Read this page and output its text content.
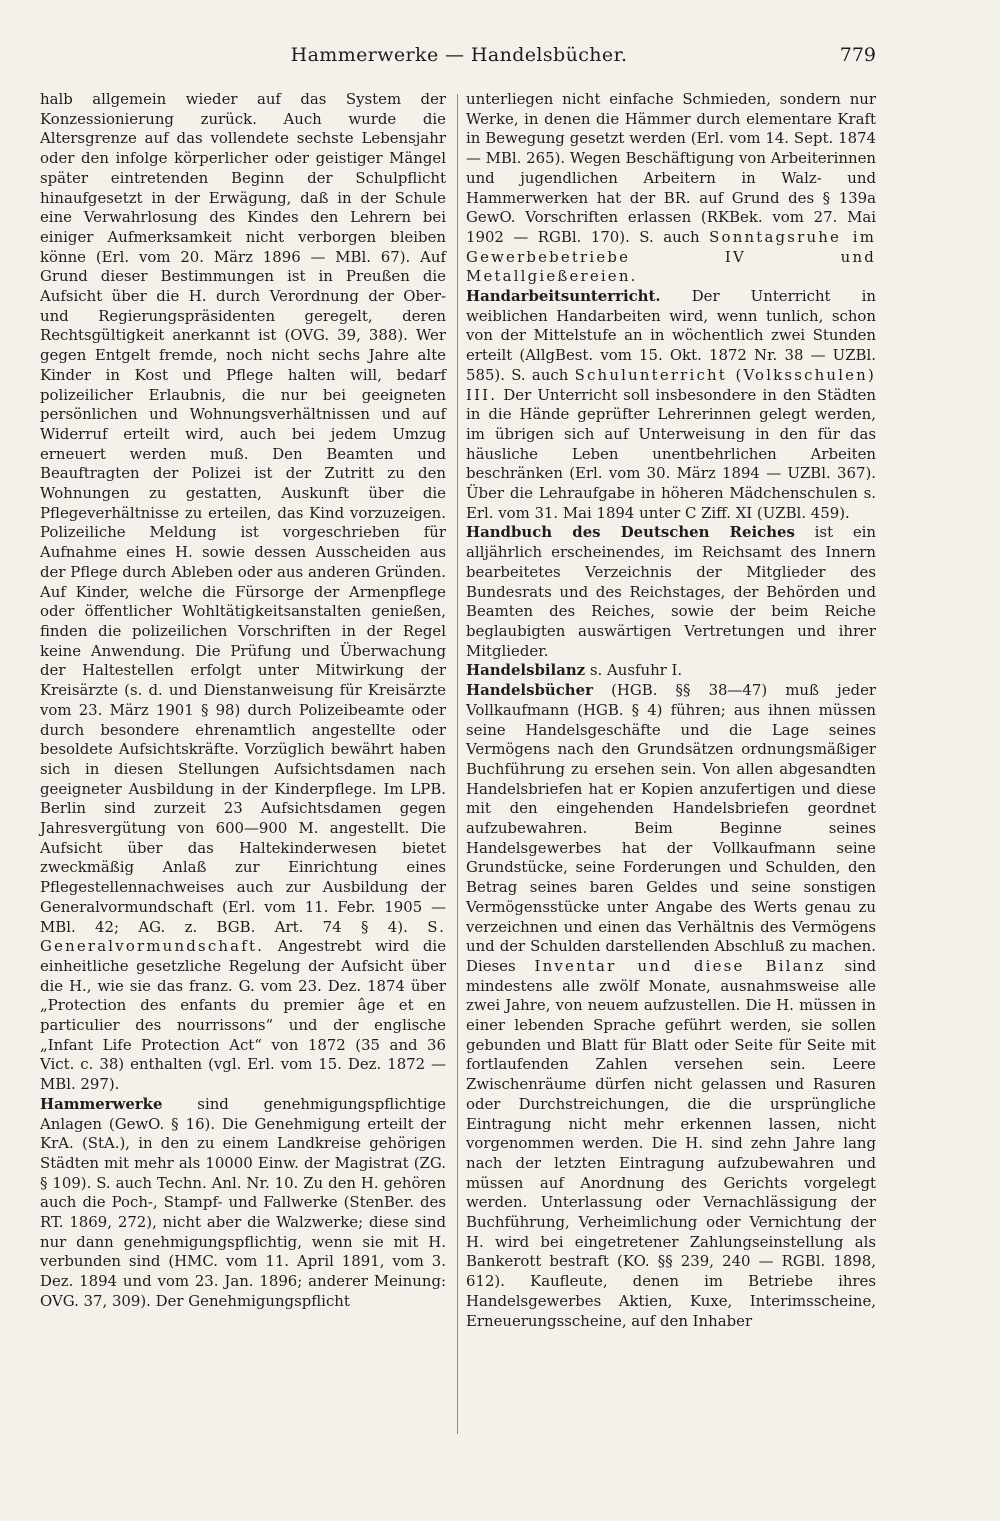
Hammerwerke — Handelsbücher.	779

halb allgemein wieder auf das System der Konzessionierung zurück. Auch wurde die Altersgrenze auf das vollendete sechste Lebensjahr oder den infolge körperlicher oder geistiger Mängel später eintretenden Beginn der Schulpflicht hinaufgesetzt in der Erwägung, daß in der Schule eine Verwahrlosung des Kindes den Lehrern bei einiger Aufmerksamkeit nicht verborgen bleiben könne (Erl. vom 20. März 1896 — MBl. 67). Auf Grund dieser Bestimmungen ist in Preußen die Aufsicht über die H. durch Verordnung der Ober- und Regierungspräsidenten geregelt, deren Rechtsgültigkeit anerkannt ist (OVG. 39, 388). Wer gegen Entgelt fremde, noch nicht sechs Jahre alte Kinder in Kost und Pflege halten will, bedarf polizeilicher Erlaubnis, die nur bei geeigneten persönlichen und Wohnungsverhältnissen und auf Widerruf erteilt wird, auch bei jedem Umzug erneuert werden muß. Den Beamten und Beauftragten der Polizei ist der Zutritt zu den Wohnungen zu gestatten, Auskunft über die Pflegeverhältnisse zu erteilen, das Kind vorzuzeigen. Polizeiliche Meldung ist vorgeschrieben für Aufnahme eines H. sowie dessen Ausscheiden aus der Pflege durch Ableben oder aus anderen Gründen. Auf Kinder, welche die Fürsorge der Armenpflege oder öffentlicher Wohltätigkeitsanstalten genießen, finden die polizeilichen Vorschriften in der Regel keine Anwendung. Die Prüfung und Überwachung der Haltestellen erfolgt unter Mitwirkung der Kreisärzte (s. d. und Dienstanweisung für Kreisärzte vom 23. März 1901 § 98) durch Polizeibeamte oder durch besondere ehrenamtlich angestellte oder besoldete Aufsichtskräfte. Vorzüglich bewährt haben sich in diesen Stellungen Aufsichtsdamen nach geeigneter Ausbildung in der Kinderpflege. Im LPB. Berlin sind zurzeit 23 Aufsichtsdamen gegen Jahresvergütung von 600—900 M. angestellt. Die Aufsicht über das Haltekinderwesen bietet zweckmäßig Anlaß zur Einrichtung eines Pflegestellennachweises auch zur Ausbildung der Generalvormundschaft (Erl. vom 11. Febr. 1905 — MBl. 42; AG. z. BGB. Art. 74 § 4). S. Generalvormundschaft. Angestrebt wird die einheitliche gesetzliche Regelung der Aufsicht über die H., wie sie das franz. G. vom 23. Dez. 1874 über „Protection des enfants du premier âge et en particulier des nourrissons“ und der englische „Infant Life Protection Act“ von 1872 (35 and 36 Vict. c. 38) enthalten (vgl. Erl. vom 15. Dez. 1872 — MBl. 297).

Hammerwerke sind genehmigungspflichtige Anlagen (GewO. § 16). Die Genehmigung erteilt der KrA. (StA.), in den zu einem Landkreise gehörigen Städten mit mehr als 10000 Einw. der Magistrat (ZG. § 109). S. auch Techn. Anl. Nr. 10. Zu den H. gehören auch die Poch-, Stampf- und Fallwerke (StenBer. des RT. 1869, 272), nicht aber die Walzwerke; diese sind nur dann genehmigungspflichtig, wenn sie mit H. verbunden sind (HMC. vom 11. April 1891, vom 3. Dez. 1894 und vom 23. Jan. 1896; anderer Meinung: OVG. 37, 309). Der Genehmigungspflicht

unterliegen nicht einfache Schmieden, sondern nur Werke, in denen die Hämmer durch elementare Kraft in Bewegung gesetzt werden (Erl. vom 14. Sept. 1874 — MBl. 265). Wegen Beschäftigung von Arbeiterinnen und jugendlichen Arbeitern in Walz- und Hammerwerken hat der BR. auf Grund des § 139a GewO. Vorschriften erlassen (RKBek. vom 27. Mai 1902 — RGBl. 170). S. auch Sonntagsruhe im Gewerbebetriebe IV und Metallgießereien.

Handarbeitsunterricht. Der Unterricht in weiblichen Handarbeiten wird, wenn tunlich, schon von der Mittelstufe an in wöchentlich zwei Stunden erteilt (AllgBest. vom 15. Okt. 1872 Nr. 38 — UZBl. 585). S. auch Schulunterricht (Volksschulen) III. Der Unterricht soll insbesondere in den Städten in die Hände geprüfter Lehrerinnen gelegt werden, im übrigen sich auf Unterweisung in den für das häusliche Leben unentbehrlichen Arbeiten beschränken (Erl. vom 30. März 1894 — UZBl. 367). Über die Lehraufgabe in höheren Mädchenschulen s. Erl. vom 31. Mai 1894 unter C Ziff. XI (UZBl. 459).

Handbuch des Deutschen Reiches ist ein alljährlich erscheinendes, im Reichsamt des Innern bearbeitetes Verzeichnis der Mitglieder des Bundesrats und des Reichstages, der Behörden und Beamten des Reiches, sowie der beim Reiche beglaubigten auswärtigen Vertretungen und ihrer Mitglieder.

Handelsbilanz s. Ausfuhr I.

Handelsbücher (HGB. §§ 38—47) muß jeder Vollkaufmann (HGB. § 4) führen; aus ihnen müssen seine Handelsgeschäfte und die Lage seines Vermögens nach den Grundsätzen ordnungsmäßiger Buchführung zu ersehen sein. Von allen abgesandten Handelsbriefen hat er Kopien anzufertigen und diese mit den eingehenden Handelsbriefen geordnet aufzubewahren. Beim Beginne seines Handelsgewerbes hat der Vollkaufmann seine Grundstücke, seine Forderungen und Schulden, den Betrag seines baren Geldes und seine sonstigen Vermögensstücke unter Angabe des Werts genau zu verzeichnen und einen das Verhältnis des Vermögens und der Schulden darstellenden Abschluß zu machen. Dieses Inventar und diese Bilanz sind mindestens alle zwölf Monate, ausnahmsweise alle zwei Jahre, von neuem aufzustellen. Die H. müssen in einer lebenden Sprache geführt werden, sie sollen gebunden und Blatt für Blatt oder Seite für Seite mit fortlaufenden Zahlen versehen sein. Leere Zwischenräume dürfen nicht gelassen und Rasuren oder Durchstreichungen, die die ursprüngliche Eintragung nicht mehr erkennen lassen, nicht vorgenommen werden. Die H. sind zehn Jahre lang nach der letzten Eintragung aufzubewahren und müssen auf Anordnung des Gerichts vorgelegt werden. Unterlassung oder Vernachlässigung der Buchführung, Verheimlichung oder Vernichtung der H. wird bei eingetretener Zahlungseinstellung als Bankerott bestraft (KO. §§ 239, 240 — RGBl. 1898, 612). Kaufleute, denen im Betriebe ihres Handelsgewerbes Aktien, Kuxe, Interimsscheine, Erneuerungsscheine, auf den Inhaber
